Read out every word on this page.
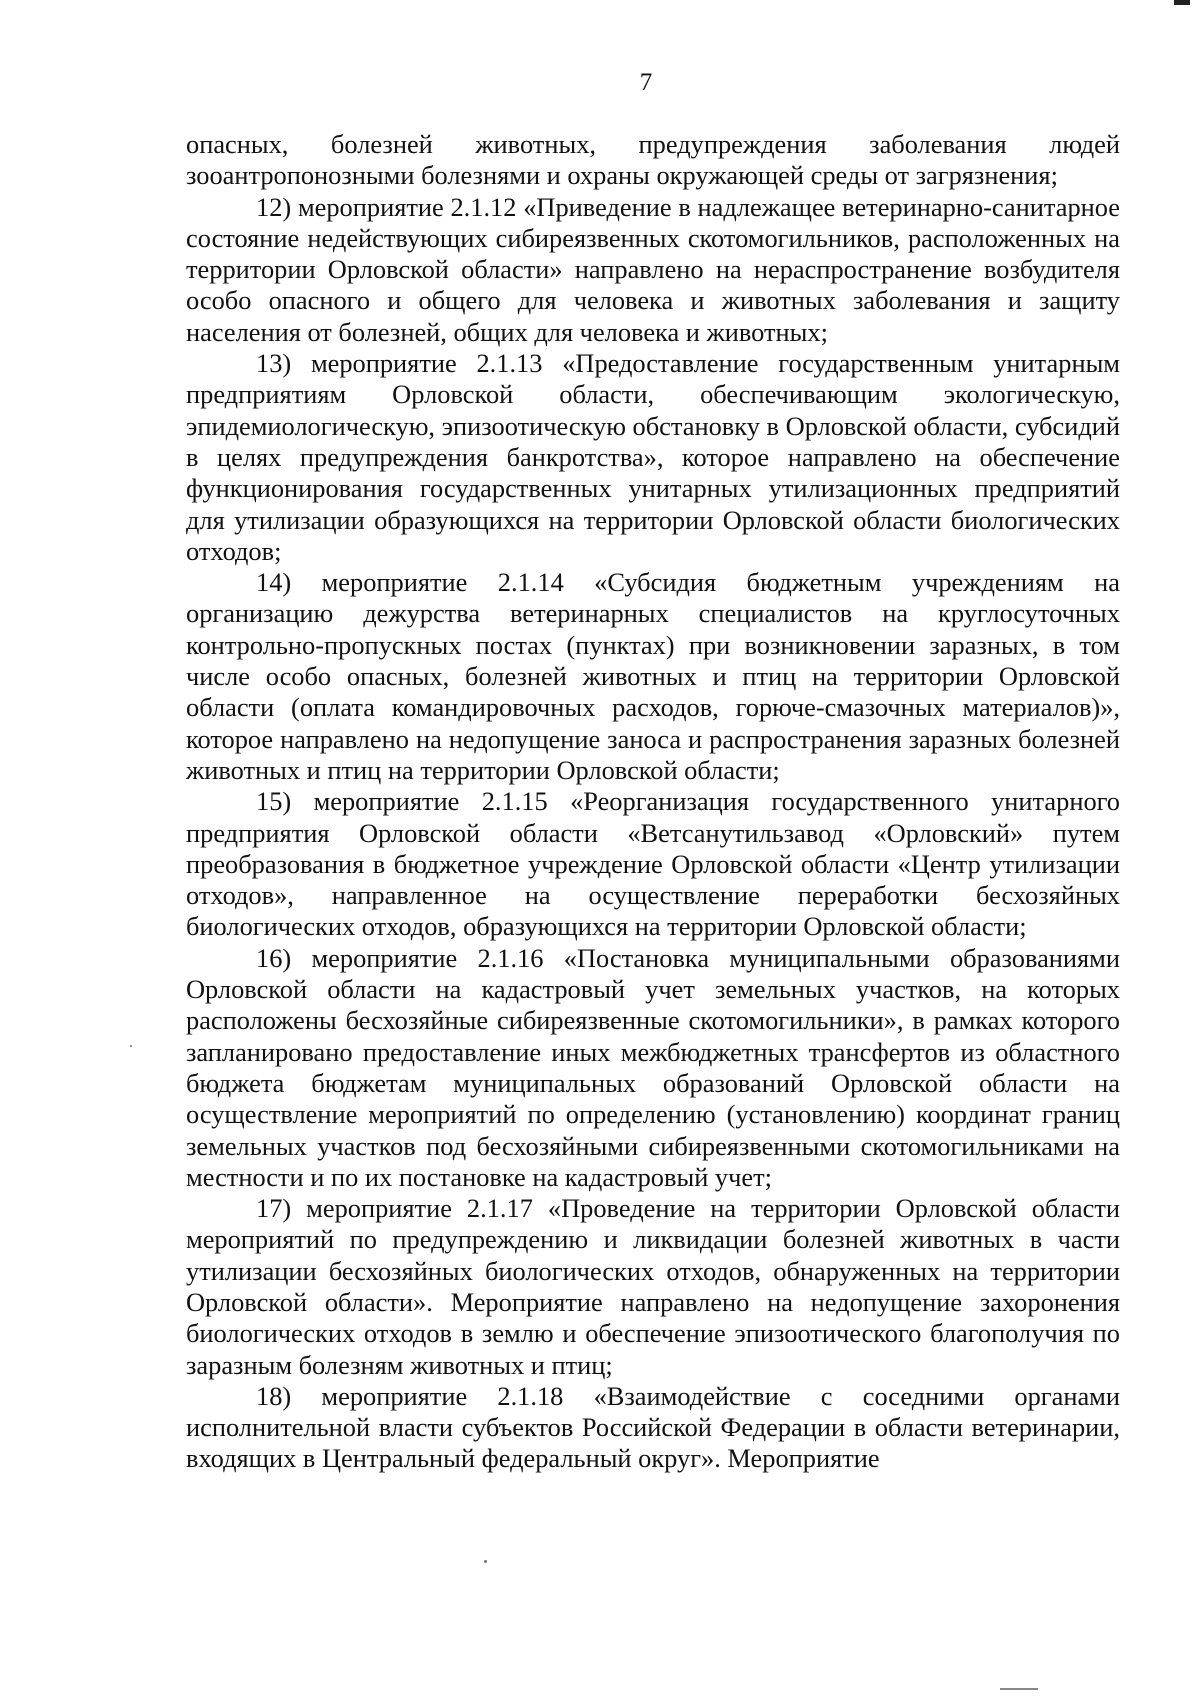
7

опасных, болезней животных, предупреждения заболевания людей зооантропонозными болезнями и охраны окружающей среды от загрязнения;

12) мероприятие 2.1.12 «Приведение в надлежащее ветеринарно-санитарное состояние недействующих сибиреязвенных скотомогильников, расположенных на территории Орловской области» направлено на нераспространение возбудителя особо опасного и общего для человека и животных заболевания и защиту населения от болезней, общих для человека и животных;

13) мероприятие 2.1.13 «Предоставление государственным унитарным предприятиям Орловской области, обеспечивающим экологическую, эпидемиологическую, эпизоотическую обстановку в Орловской области, субсидий в целях предупреждения банкротства», которое направлено на обеспечение функционирования государственных унитарных утилизационных предприятий для утилизации образующихся на территории Орловской области биологических отходов;

14) мероприятие 2.1.14 «Субсидия бюджетным учреждениям на организацию дежурства ветеринарных специалистов на круглосуточных контрольно-пропускных постах (пунктах) при возникновении заразных, в том числе особо опасных, болезней животных и птиц на территории Орловской области (оплата командировочных расходов, горюче-смазочных материалов)», которое направлено на недопущение заноса и распространения заразных болезней животных и птиц на территории Орловской области;

15) мероприятие 2.1.15 «Реорганизация государственного унитарного предприятия Орловской области «Ветсанутильзавод «Орловский» путем преобразования в бюджетное учреждение Орловской области «Центр утилизации отходов», направленное на осуществление переработки бесхозяйных биологических отходов, образующихся на территории Орловской области;

16) мероприятие 2.1.16 «Постановка муниципальными образованиями Орловской области на кадастровый учет земельных участков, на которых расположены бесхозяйные сибиреязвенные скотомогильники», в рамках которого запланировано предоставление иных межбюджетных трансфертов из областного бюджета бюджетам муниципальных образований Орловской области на осуществление мероприятий по определению (установлению) координат границ земельных участков под бесхозяйными сибиреязвенными скотомогильниками на местности и по их постановке на кадастровый учет;

17) мероприятие 2.1.17 «Проведение на территории Орловской области мероприятий по предупреждению и ликвидации болезней животных в части утилизации бесхозяйных биологических отходов, обнаруженных на территории Орловской области». Мероприятие направлено на недопущение захоронения биологических отходов в землю и обеспечение эпизоотического благополучия по заразным болезням животных и птиц;

18) мероприятие 2.1.18 «Взаимодействие с соседними органами исполнительной власти субъектов Российской Федерации в области ветеринарии, входящих в Центральный федеральный округ». Мероприятие
